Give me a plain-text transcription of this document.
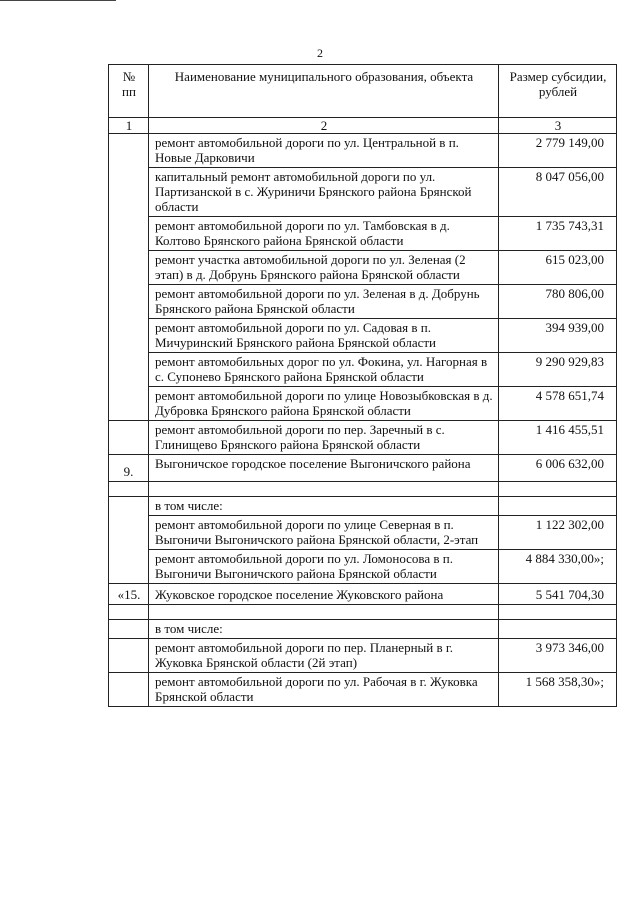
2
№ пп	Наименование муниципального образования, объекта	Размер субсидии, рублей
1	2	3
	ремонт автомобильной дороги по ул. Центральной в п. Новые Дарковичи	2 779 149,00
	капитальный ремонт автомобильной дороги по ул. Партизанской в с. Журиничи Брянского района Брянской области	8 047 056,00
	ремонт автомобильной дороги по ул. Тамбовская в д. Колтово Брянского района Брянской области	1 735 743,31
	ремонт участка автомобильной дороги по ул. Зеленая (2 этап) в д. Добрунь Брянского района Брянской области	615 023,00
	ремонт автомобильной дороги по ул. Зеленая в д. Добрунь Брянского района Брянской области	780 806,00
	ремонт автомобильной дороги по ул. Садовая в п. Мичуринский Брянского района Брянской области	394 939,00
	ремонт автомобильных дорог по ул. Фокина, ул. Нагорная в с. Супонево Брянского района Брянской области	9 290 929,83
	ремонт автомобильной дороги по улице Новозыбковская в д. Дубровка Брянского района Брянской области	4 578 651,74
	ремонт автомобильной дороги по пер. Заречный в с. Глинищево Брянского района Брянской области	1 416 455,51
9.	Выгоничское городское поселение Выгоничского района	6 006 632,00

	в том числе:	
	ремонт автомобильной дороги по улице Северная в п. Выгоничи Выгоничского района Брянской области, 2-этап	1 122 302,00
	ремонт автомобильной дороги по ул. Ломоносова в п. Выгоничи Выгоничского района Брянской области	4 884 330,00»;
«15.	Жуковское городское поселение Жуковского района	5 541 704,30

	в том числе:	
	ремонт автомобильной дороги по пер. Планерный в г. Жуковка Брянской области (2й этап)	3 973 346,00
	ремонт автомобильной дороги по ул. Рабочая в г. Жуковка Брянской области	1 568 358,30»;
